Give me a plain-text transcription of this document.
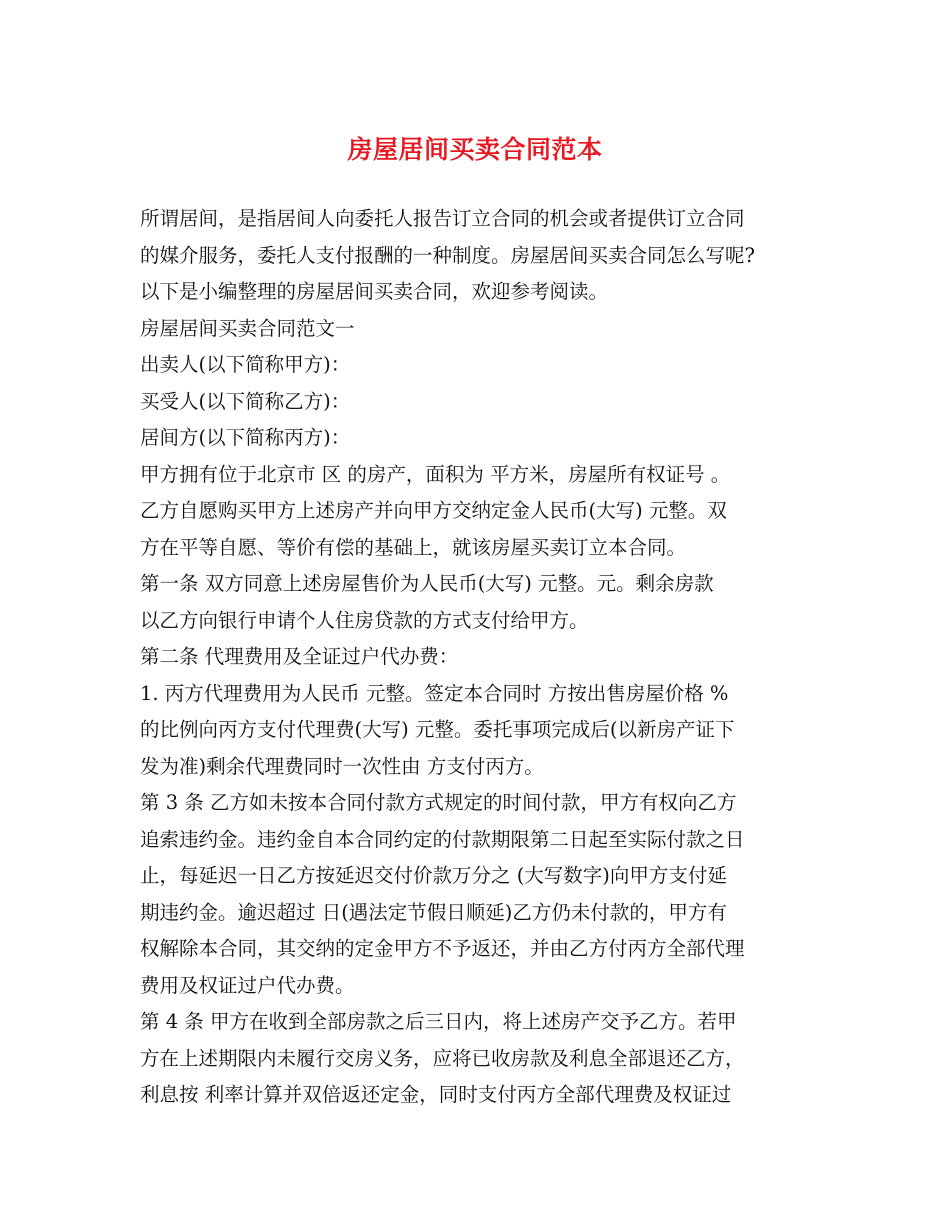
房屋居间买卖合同范本
所谓居间，是指居间人向委托人报告订立合同的机会或者提供订立合同
的媒介服务，委托人支付报酬的一种制度。房屋居间买卖合同怎么写呢?
以下是小编整理的房屋居间买卖合同，欢迎参考阅读。
房屋居间买卖合同范文一
出卖人(以下简称甲方)：
买受人(以下简称乙方)：
居间方(以下简称丙方)：
甲方拥有位于北京市 区 的房产，面积为 平方米，房屋所有权证号 。
乙方自愿购买甲方上述房产并向甲方交纳定金人民币(大写) 元整。双
方在平等自愿、等价有偿的基础上，就该房屋买卖订立本合同。
第一条 双方同意上述房屋售价为人民币(大写) 元整。元。剩余房款
以乙方向银行申请个人住房贷款的方式支付给甲方。
第二条 代理费用及全证过户代办费：
1. 丙方代理费用为人民币 元整。签定本合同时 方按出售房屋价格 %
的比例向丙方支付代理费(大写) 元整。委托事项完成后(以新房产证下
发为准)剩余代理费同时一次性由 方支付丙方。
第 3 条 乙方如未按本合同付款方式规定的时间付款，甲方有权向乙方
追索违约金。违约金自本合同约定的付款期限第二日起至实际付款之日
止，每延迟一日乙方按延迟交付价款万分之 (大写数字)向甲方支付延
期违约金。逾迟超过 日(遇法定节假日顺延)乙方仍未付款的，甲方有
权解除本合同，其交纳的定金甲方不予返还，并由乙方付丙方全部代理
费用及权证过户代办费。
第 4 条 甲方在收到全部房款之后三日内，将上述房产交予乙方。若甲
方在上述期限内未履行交房义务，应将已收房款及利息全部退还乙方，
利息按 利率计算并双倍返还定金，同时支付丙方全部代理费及权证过
